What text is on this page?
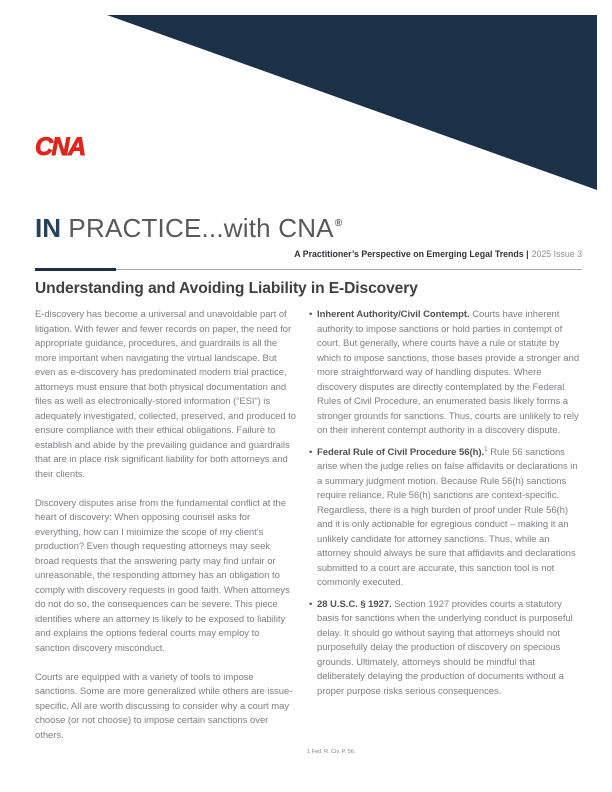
CNA
IN PRACTICE...with CNA®
A Practitioner’s Perspective on Emerging Legal Trends | 2025 Issue 3
Understanding and Avoiding Liability in E-Discovery

E-discovery has become a universal and unavoidable part of litigation. With fewer and fewer records on paper, the need for appropriate guidance, procedures, and guardrails is all the more important when navigating the virtual landscape. But even as e-discovery has predominated modern trial practice, attorneys must ensure that both physical documentation and files as well as electronically-stored information (“ESI”) is adequately investigated, collected, preserved, and produced to ensure compliance with their ethical obligations. Failure to establish and abide by the prevailing guidance and guardrails that are in place risk significant liability for both attorneys and their clients.

Discovery disputes arise from the fundamental conflict at the heart of discovery: When opposing counsel asks for everything, how can I minimize the scope of my client’s production? Even though requesting attorneys may seek broad requests that the answering party may find unfair or unreasonable, the responding attorney has an obligation to comply with discovery requests in good faith. When attorneys do not do so, the consequences can be severe. This piece identifies where an attorney is likely to be exposed to liability and explains the options federal courts may employ to sanction discovery misconduct.

Courts are equipped with a variety of tools to impose sanctions. Some are more generalized while others are issue-specific. All are worth discussing to consider why a court may choose (or not choose) to impose certain sanctions over others.

• Inherent Authority/Civil Contempt. Courts have inherent authority to impose sanctions or hold parties in contempt of court. But generally, where courts have a rule or statute by which to impose sanctions, those bases provide a stronger and more straightforward way of handling disputes. Where discovery disputes are directly contemplated by the Federal Rules of Civil Procedure, an enumerated basis likely forms a stronger grounds for sanctions. Thus, courts are unlikely to rely on their inherent contempt authority in a discovery dispute.
• Federal Rule of Civil Procedure 56(h).$^1$ Rule 56 sanctions arise when the judge relies on false affidavits or declarations in a summary judgment motion. Because Rule 56(h) sanctions require reliance, Rule 56(h) sanctions are context-specific. Regardless, there is a high burden of proof under Rule 56(h) and it is only actionable for egregious conduct – making it an unlikely candidate for attorney sanctions. Thus, while an attorney should always be sure that affidavits and declarations submitted to a court are accurate, this sanction tool is not commonly executed.
• 28 U.S.C. § 1927. Section 1927 provides courts a statutory basis for sanctions when the underlying conduct is purposeful delay. It should go without saying that attorneys should not purposefully delay the production of discovery on specious grounds. Ultimately, attorneys should be mindful that deliberately delaying the production of documents without a proper purpose risks serious consequences.
1 Fed. R. Civ. P. 56.
